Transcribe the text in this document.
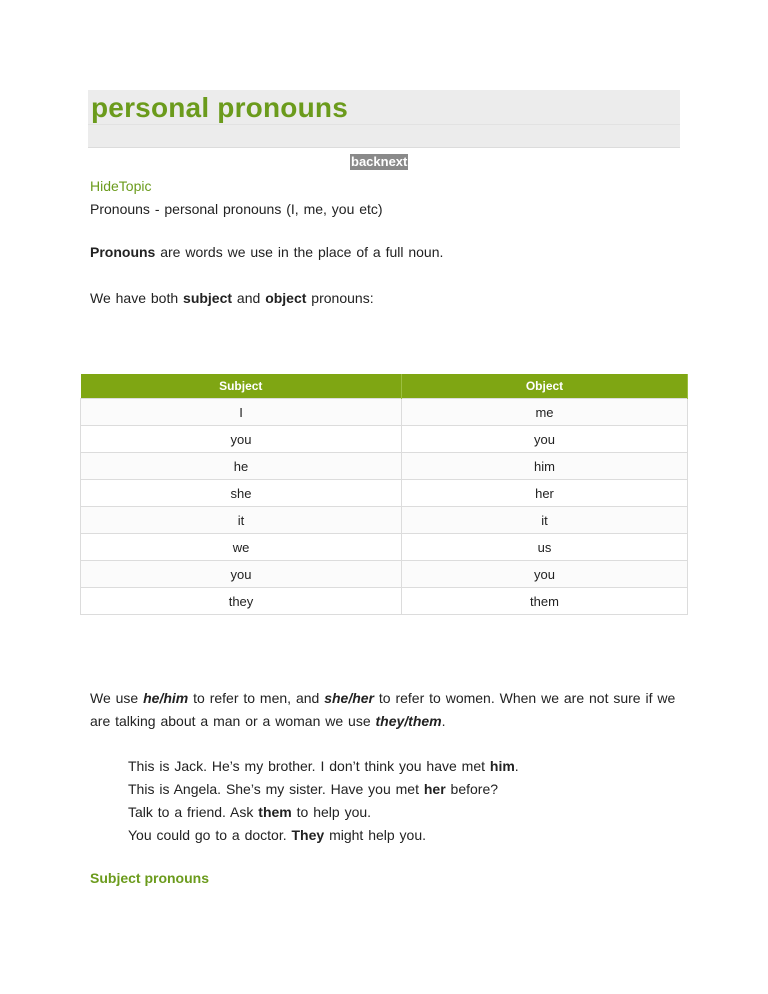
personal pronouns
backnext
HideTopic
Pronouns - personal pronouns (I, me, you etc)
Pronouns are words we use in the place of a full noun.
We have both subject and object pronouns:
Subject	Object
I	me
you	you
he	him
she	her
it	it
we	us
you	you
they	them
We use he/him to refer to men, and she/her to refer to women. When we are not sure if we are talking about a man or a woman we use they/them.
This is Jack. He’s my brother. I don’t think you have met him.
This is Angela. She’s my sister. Have you met her before?
Talk to a friend. Ask them to help you.
You could go to a doctor. They might help you.
Subject pronouns
